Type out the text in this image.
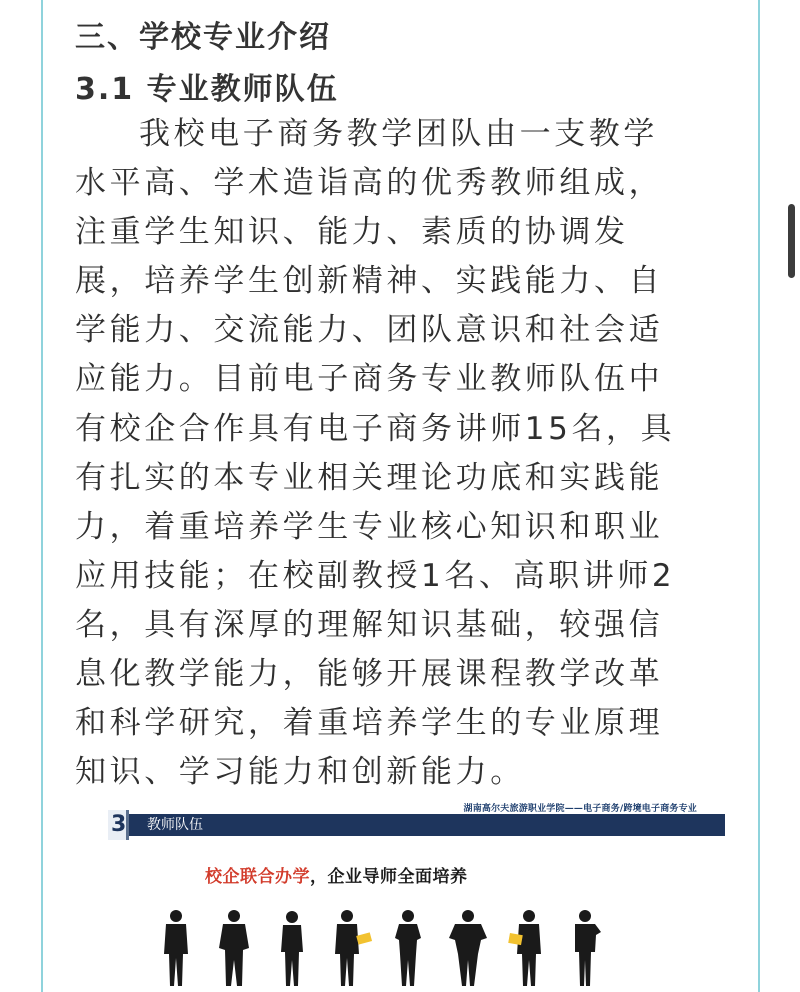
三、学校专业介绍
3.1 专业教师队伍
我校电子商务教学团队由一支教学
水平高、学术造诣高的优秀教师组成，
注重学生知识、能力、素质的协调发
展，培养学生创新精神、实践能力、自
学能力、交流能力、团队意识和社会适
应能力。目前电子商务专业教师队伍中
有校企合作具有电子商务讲师15名，具
有扎实的本专业相关理论功底和实践能
力，着重培养学生专业核心知识和职业
应用技能；在校副教授1名、高职讲师2
名，具有深厚的理解知识基础，较强信
息化教学能力，能够开展课程教学改革
和科学研究，着重培养学生的专业原理
知识、学习能力和创新能力。
湖南高尔夫旅游职业学院——电子商务/跨境电子商务专业
3 教师队伍
校企联合办学，企业导师全面培养
